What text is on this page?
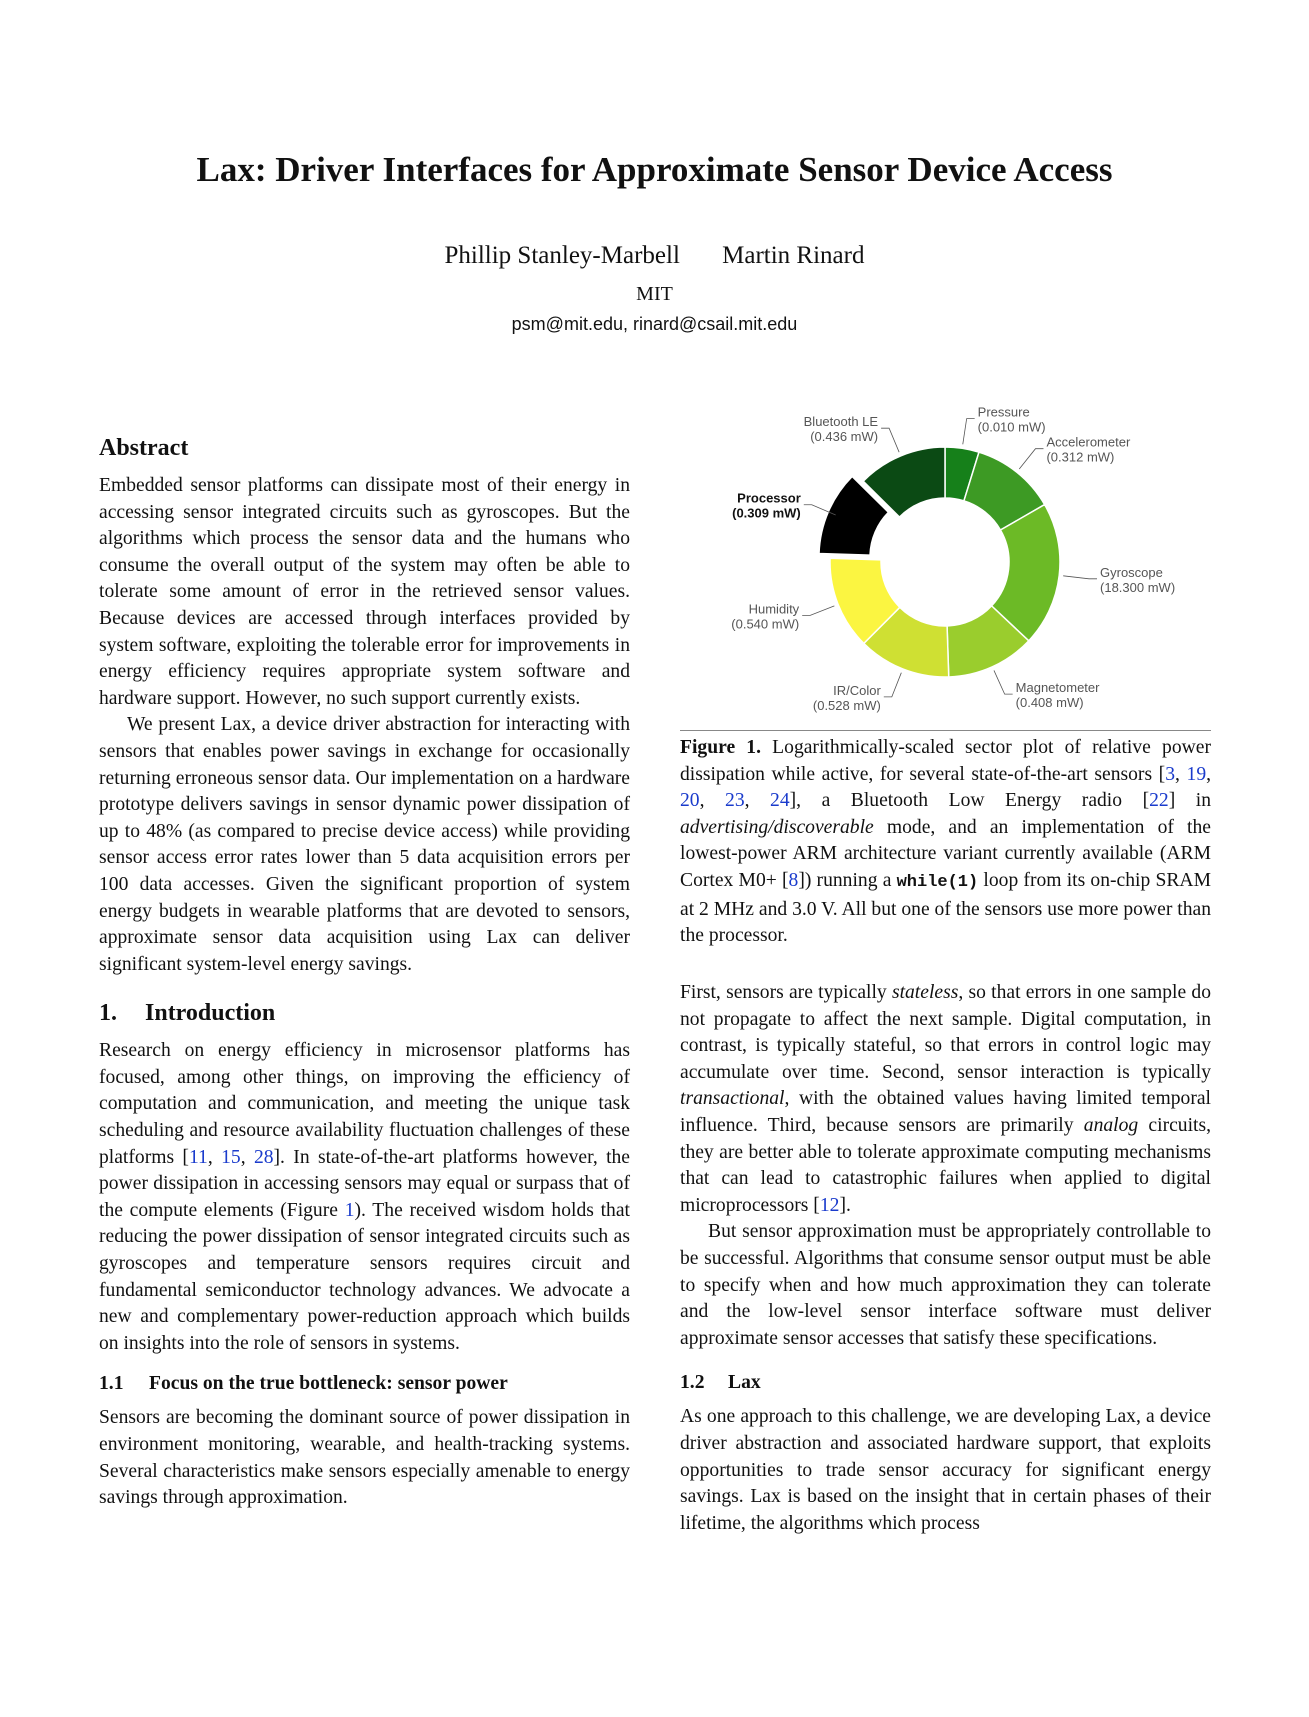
Lax: Driver Interfaces for Approximate Sensor Device Access
Phillip Stanley-Marbell Martin Rinard
MIT
psm@mit.edu, rinard@csail.mit.edu
Abstract

Embedded sensor platforms can dissipate most of their energy in accessing sensor integrated circuits such as gyroscopes. But the algorithms which process the sensor data and the humans who consume the overall output of the system may often be able to tolerate some amount of error in the retrieved sensor values. Because devices are accessed through interfaces provided by system software, exploiting the tolerable error for improvements in energy efficiency requires appropriate system software and hardware support. However, no such support currently exists.

We present Lax, a device driver abstraction for interacting with sensors that enables power savings in exchange for occasionally returning erroneous sensor data. Our implementation on a hardware prototype delivers savings in sensor dynamic power dissipation of up to 48% (as compared to precise device access) while providing sensor access error rates lower than 5 data acquisition errors per 100 data accesses. Given the significant proportion of system energy budgets in wearable platforms that are devoted to sensors, approximate sensor data acquisition using Lax can deliver significant system-level energy savings.

1. Introduction

Research on energy efficiency in microsensor platforms has focused, among other things, on improving the efficiency of computation and communication, and meeting the unique task scheduling and resource availability fluctuation challenges of these platforms [11, 15, 28]. In state-of-the-art platforms however, the power dissipation in accessing sensors may equal or surpass that of the compute elements (Figure 1). The received wisdom holds that reducing the power dissipation of sensor integrated circuits such as gyroscopes and temperature sensors requires circuit and fundamental semiconductor technology advances. We advocate a new and complementary power-reduction approach which builds on insights into the role of sensors in systems.

1.1 Focus on the true bottleneck: sensor power

Sensors are becoming the dominant source of power dissipation in environment monitoring, wearable, and health-tracking systems. Several characteristics make sensors especially amenable to energy savings through approximation.

Pressure
(0.010 mW)
Accelerometer
(0.312 mW)
Gyroscope
(18.300 mW)
Magnetometer
(0.408 mW)
IR/Color
(0.528 mW)
Humidity
(0.540 mW)
Processor
(0.309 mW)
Bluetooth LE
(0.436 mW)
Figure 1. Logarithmically-scaled sector plot of relative power dissipation while active, for several state-of-the-art sensors [3, 19, 20, 23, 24], a Bluetooth Low Energy radio [22] in advertising/discoverable mode, and an implementation of the lowest-power ARM architecture variant currently available (ARM Cortex M0+ [8]) running a while(1) loop from its on-chip SRAM at 2 MHz and 3.0 V. All but one of the sensors use more power than the processor.

First, sensors are typically stateless, so that errors in one sample do not propagate to affect the next sample. Digital computation, in contrast, is typically stateful, so that errors in control logic may accumulate over time. Second, sensor interaction is typically transactional, with the obtained values having limited temporal influence. Third, because sensors are primarily analog circuits, they are better able to tolerate approximate computing mechanisms that can lead to catastrophic failures when applied to digital microprocessors [12].

But sensor approximation must be appropriately controllable to be successful. Algorithms that consume sensor output must be able to specify when and how much approximation they can tolerate and the low-level sensor interface software must deliver approximate sensor accesses that satisfy these specifications.

1.2 Lax

As one approach to this challenge, we are developing Lax, a device driver abstraction and associated hardware support, that exploits opportunities to trade sensor accuracy for significant energy savings. Lax is based on the insight that in certain phases of their lifetime, the algorithms which process
